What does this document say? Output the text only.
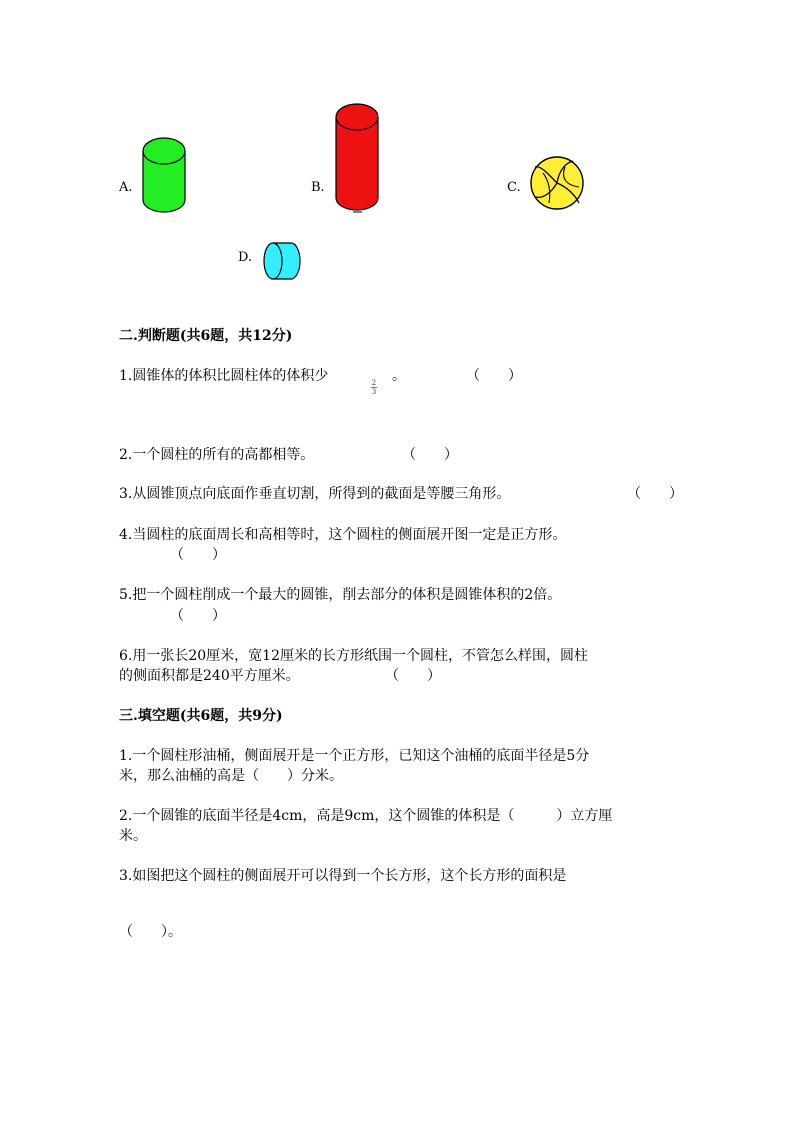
A.	B.	C.
D.
二.判断题(共6题，共12分)
1.圆锥体的体积比圆柱体的体积少	2
3
。	（　　）
2.一个圆柱的所有的高都相等。	（　　）
3.从圆锥顶点向底面作垂直切割，所得到的截面是等腰三角形。	（　　）
4.当圆柱的底面周长和高相等时，这个圆柱的侧面展开图一定是正方形。
（　　）
5.把一个圆柱削成一个最大的圆锥，削去部分的体积是圆锥体积的2倍。
（　　）
6.用一张长20厘米，宽12厘米的长方形纸围一个圆柱，不管怎么样围，圆柱
的侧面积都是240平方厘米。	（　　）
三.填空题(共6题，共9分)
1.一个圆柱形油桶，侧面展开是一个正方形，已知这个油桶的底面半径是5分
米，那么油桶的高是（　　）分米。
2.一个圆锥的底面半径是4cm，高是9cm，这个圆锥的体积是（　　　）立方厘
米。
3.如图把这个圆柱的侧面展开可以得到一个长方形，这个长方形的面积是
（　　）。
